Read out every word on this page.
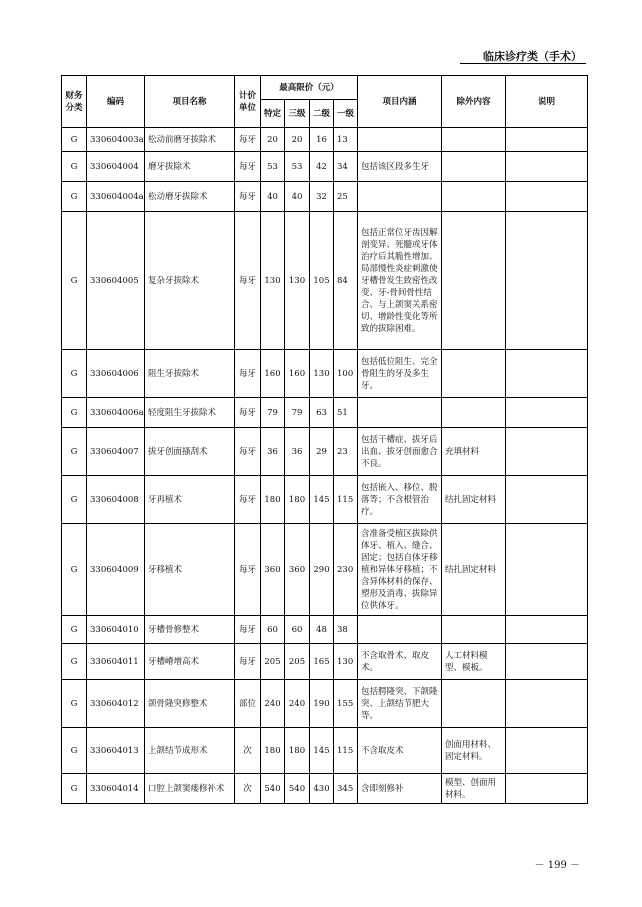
临床诊疗类（手术）
财务分类	编码	项目名称	计价单位	最高限价（元）				项目内涵	除外内容	说明
				特定	三级	二级	一级			
G	330604003a	松动前磨牙拔除术	每牙	20	20	16	13			
G	330604004	磨牙拔除术	每牙	53	53	42	34	包括该区段多生牙		
G	330604004a	松动磨牙拔除术	每牙	40	40	32	25			
G	330604005	复杂牙拔除术	每牙	130	130	105	84	包括正常位牙齿因解剖变异、死髓或牙体治疗后其脆性增加、局部慢性炎症刺激使牙槽骨发生致密性改变、牙-骨间骨性结合、与上颌窦关系密切、增龄性变化等所致的拔除困难。		
G	330604006	阻生牙拔除术	每牙	160	160	130	100	包括低位阻生、完全骨阻生的牙及多生牙。		
G	330604006a	轻度阻生牙拔除术	每牙	79	79	63	51			
G	330604007	拔牙创面搔刮术	每牙	36	36	29	23	包括干槽症、拔牙后出血、拔牙创面愈合不良。	充填材料	
G	330604008	牙再植术	每牙	180	180	145	115	包括嵌入、移位、脱落等；不含根管治疗。	结扎固定材料	
G	330604009	牙移植术	每牙	360	360	290	230	含准备受植区拔除供体牙、植入、缝合、固定；包括自体牙移植和异体牙移植；不含异体材料的保存、塑形及消毒、拔除异位供体牙。	结扎固定材料	
G	330604010	牙槽骨修整术	每牙	60	60	48	38			
G	330604011	牙槽嵴增高术	每牙	205	205	165	130	不含取骨术、取皮术。	人工材料模型、模板。	
G	330604012	颌骨隆突修整术	部位	240	240	190	155	包括腭隆突、下颌隆突、上颌结节肥大等。		
G	330604013	上颌结节成形术	次	180	180	145	115	不含取皮术	创面用材料、固定材料。	
G	330604014	口腔上颌窦瘘修补术	次	540	540	430	345	含即刻修补	模型、创面用材料。	
－ 199 －
